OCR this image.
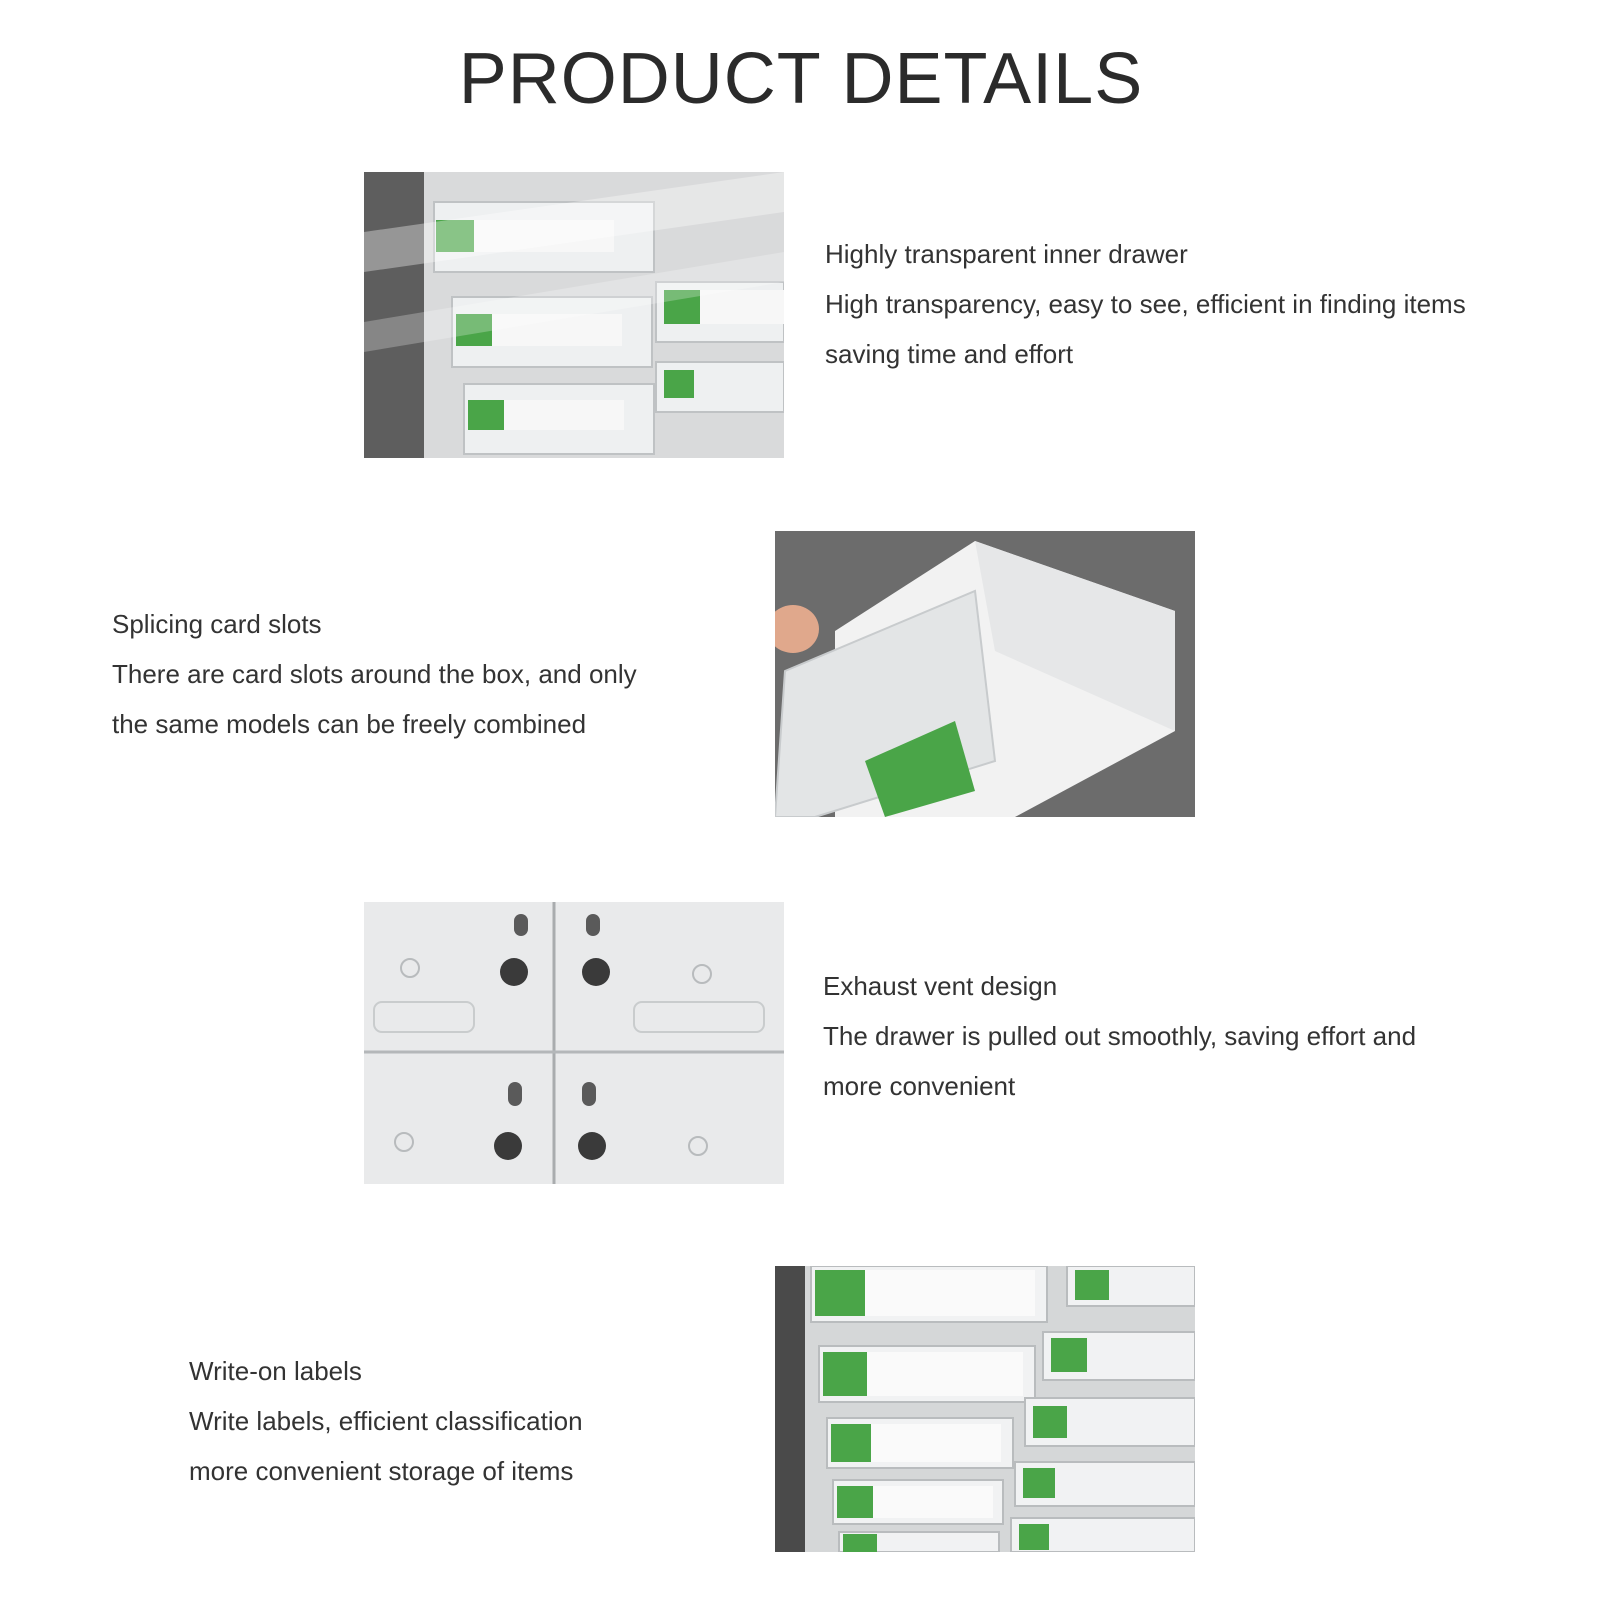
PRODUCT DETAILS
Highly transparent inner drawer
High transparency, easy to see, efficient in finding items
saving time and effort
Splicing card slots
There are card slots around the box, and only
the same models can be freely combined
Exhaust vent design
The drawer is pulled out smoothly, saving effort and
more convenient
Write-on labels
Write labels, efficient classification
more convenient storage of items
